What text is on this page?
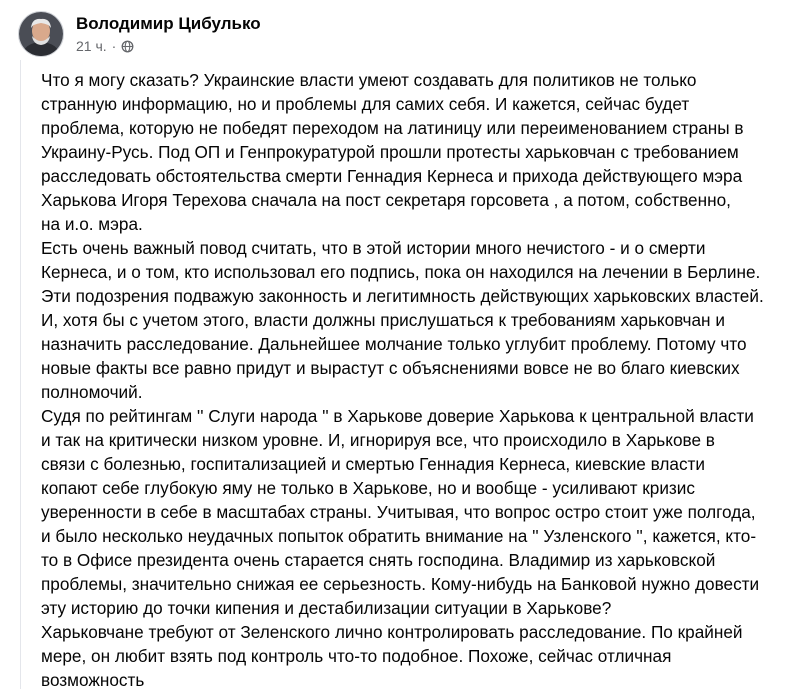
Володимир Цибулько
21 ч. ·

Что я могу сказать? Украинские власти умеют создавать для политиков не только
странную информацию, но и проблемы для самих себя. И кажется, сейчас будет
проблема, которую не победят переходом на латиницу или переименованием страны в
Украину-Русь. Под ОП и Генпрокуратурой прошли протесты харьковчан с требованием
расследовать обстоятельства смерти Геннадия Кернеса и прихода действующего мэра
Харькова Игоря Терехова сначала на пост секретаря горсовета , а потом, собственно,
на и.о. мэра.

Есть очень важный повод считать, что в этой истории много нечистого - и о смерти
Кернеса, и о том, кто использовал его подпись, пока он находился на лечении в Берлине.
Эти подозрения подважую законность и легитимность действующих харьковских властей.
И, хотя бы с учетом этого, власти должны прислушаться к требованиям харьковчан и
назначить расследование. Дальнейшее молчание только углубит проблему. Потому что
новые факты все равно придут и вырастут с объяснениями вовсе не во благо киевских
полномочий.

Судя по рейтингам '' Слуги народа '' в Харькове доверие Харькова к центральной власти
и так на критически низком уровне. И, игнорируя все, что происходило в Харькове в
связи с болезнью, госпитализацией и смертью Геннадия Кернеса, киевские власти
копают себе глубокую яму не только в Харькове, но и вообще - усиливают кризис
уверенности в себе в масштабах страны. Учитывая, что вопрос остро стоит уже полгода,
и было несколько неудачных попыток обратить внимание на '' Узленского '', кажется, кто-
то в Офисе президента очень старается снять господина. Владимир из харьковской
проблемы, значительно снижая ее серьезность. Кому-нибудь на Банковой нужно довести
эту историю до точки кипения и дестабилизации ситуации в Харькове?

Харьковчане требуют от Зеленского лично контролировать расследование. По крайней
мере, он любит взять под контроль что-то подобное. Похоже, сейчас отличная
возможность
